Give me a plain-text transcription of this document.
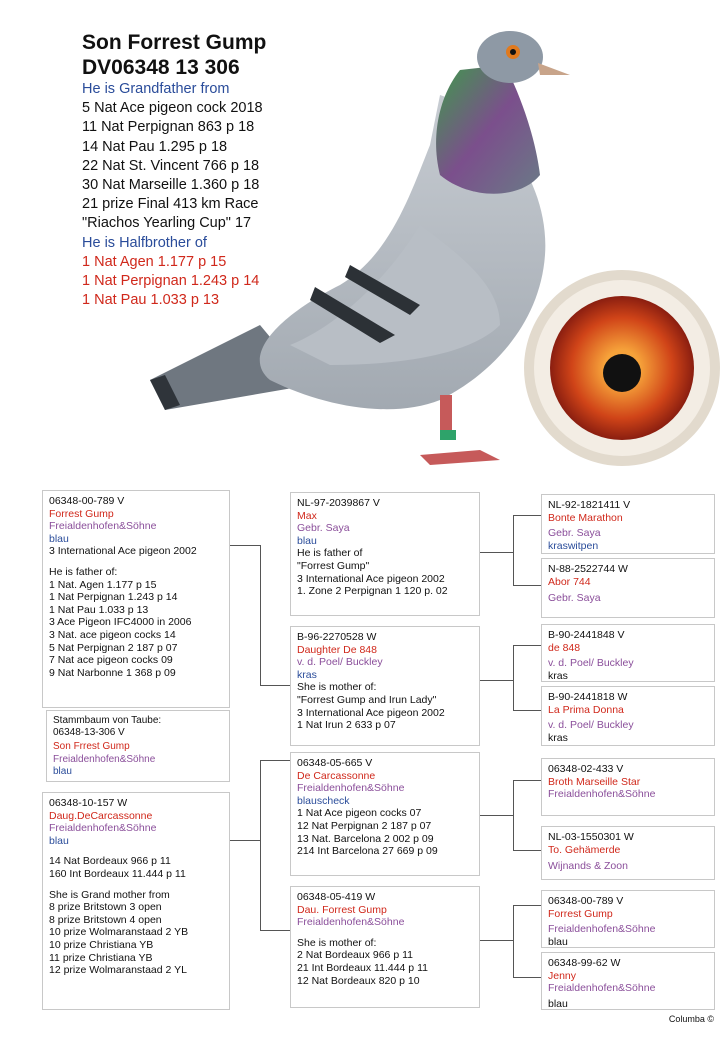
Son Forrest Gump
DV06348 13 306
He is Grandfather from
5 Nat Ace pigeon cock 2018
11 Nat Perpignan 863 p 18
14 Nat Pau 1.295 p 18
22 Nat St. Vincent 766 p 18
30 Nat Marseille 1.360 p 18
21 prize Final 413 km Race
"Riachos Yearling Cup" 17
He is Halfbrother of
1 Nat Agen 1.177 p 15
1 Nat Perpignan 1.243 p 14
1 Nat Pau 1.033 p 13
06348-00-789 V
Forrest Gump
Freialdenhofen&Söhne
blau
3 International Ace pigeon 2002
He is father of:
1 Nat. Agen 1.177 p 15
1 Nat Perpignan 1.243 p 14
1 Nat Pau 1.033 p 13
3 Ace Pigeon IFC4000 in 2006
3 Nat. ace pigeon cocks 14
5 Nat Perpignan 2 187 p 07
7 Nat ace pigeon cocks 09
9 Nat Narbonne 1 368 p 09
Stammbaum von Taube:
06348-13-306 V
Son Frrest Gump
Freialdenhofen&Söhne
blau
06348-10-157 W
Daug.DeCarcassonne
Freialdenhofen&Söhne
blau
14 Nat Bordeaux 966 p 11
160 Int Bordeaux 11.444 p 11
She is Grand mother from
8 prize Britstown 3 open
8 prize Britstown 4 open
10 prize Wolmaranstaad 2 YB
10 prize Christiana YB
11 prize Christiana YB
12 prize Wolmaranstaad 2 YL
NL-97-2039867 V
Max
Gebr. Saya
blau
He is father of
"Forrest Gump"
3 International Ace pigeon 2002
1. Zone 2 Perpignan 1 120 p. 02
B-96-2270528 W
Daughter De 848
v. d. Poel/ Buckley
kras
She is mother of:
"Forrest Gump and Irun Lady"
3 International Ace pigeon 2002
1 Nat Irun 2 633 p 07
06348-05-665 V
De Carcassonne
Freialdenhofen&Söhne
blauscheck
1 Nat Ace pigeon cocks 07
12 Nat Perpignan 2 187 p 07
13 Nat. Barcelona 2 002 p 09
214 Int Barcelona 27 669 p 09
06348-05-419 W
Dau. Forrest Gump
Freialdenhofen&Söhne
She is mother of:
2 Nat Bordeaux 966 p 11
21 Int Bordeaux 11.444 p 11
12 Nat Bordeaux 820 p 10
NL-92-1821411 V
Bonte Marathon
Gebr. Saya
kraswitpen
N-88-2522744 W
Abor 744
Gebr. Saya
B-90-2441848 V
de 848
v. d. Poel/ Buckley
kras
B-90-2441818 W
La Prima Donna
v. d. Poel/ Buckley
kras
06348-02-433 V
Broth Marseille Star
Freialdenhofen&Söhne
NL-03-1550301 W
To. Gehämerde
Wijnands & Zoon
06348-00-789 V
Forrest Gump
Freialdenhofen&Söhne
blau
06348-99-62 W
Jenny
Freialdenhofen&Söhne
blau
Columba ©
